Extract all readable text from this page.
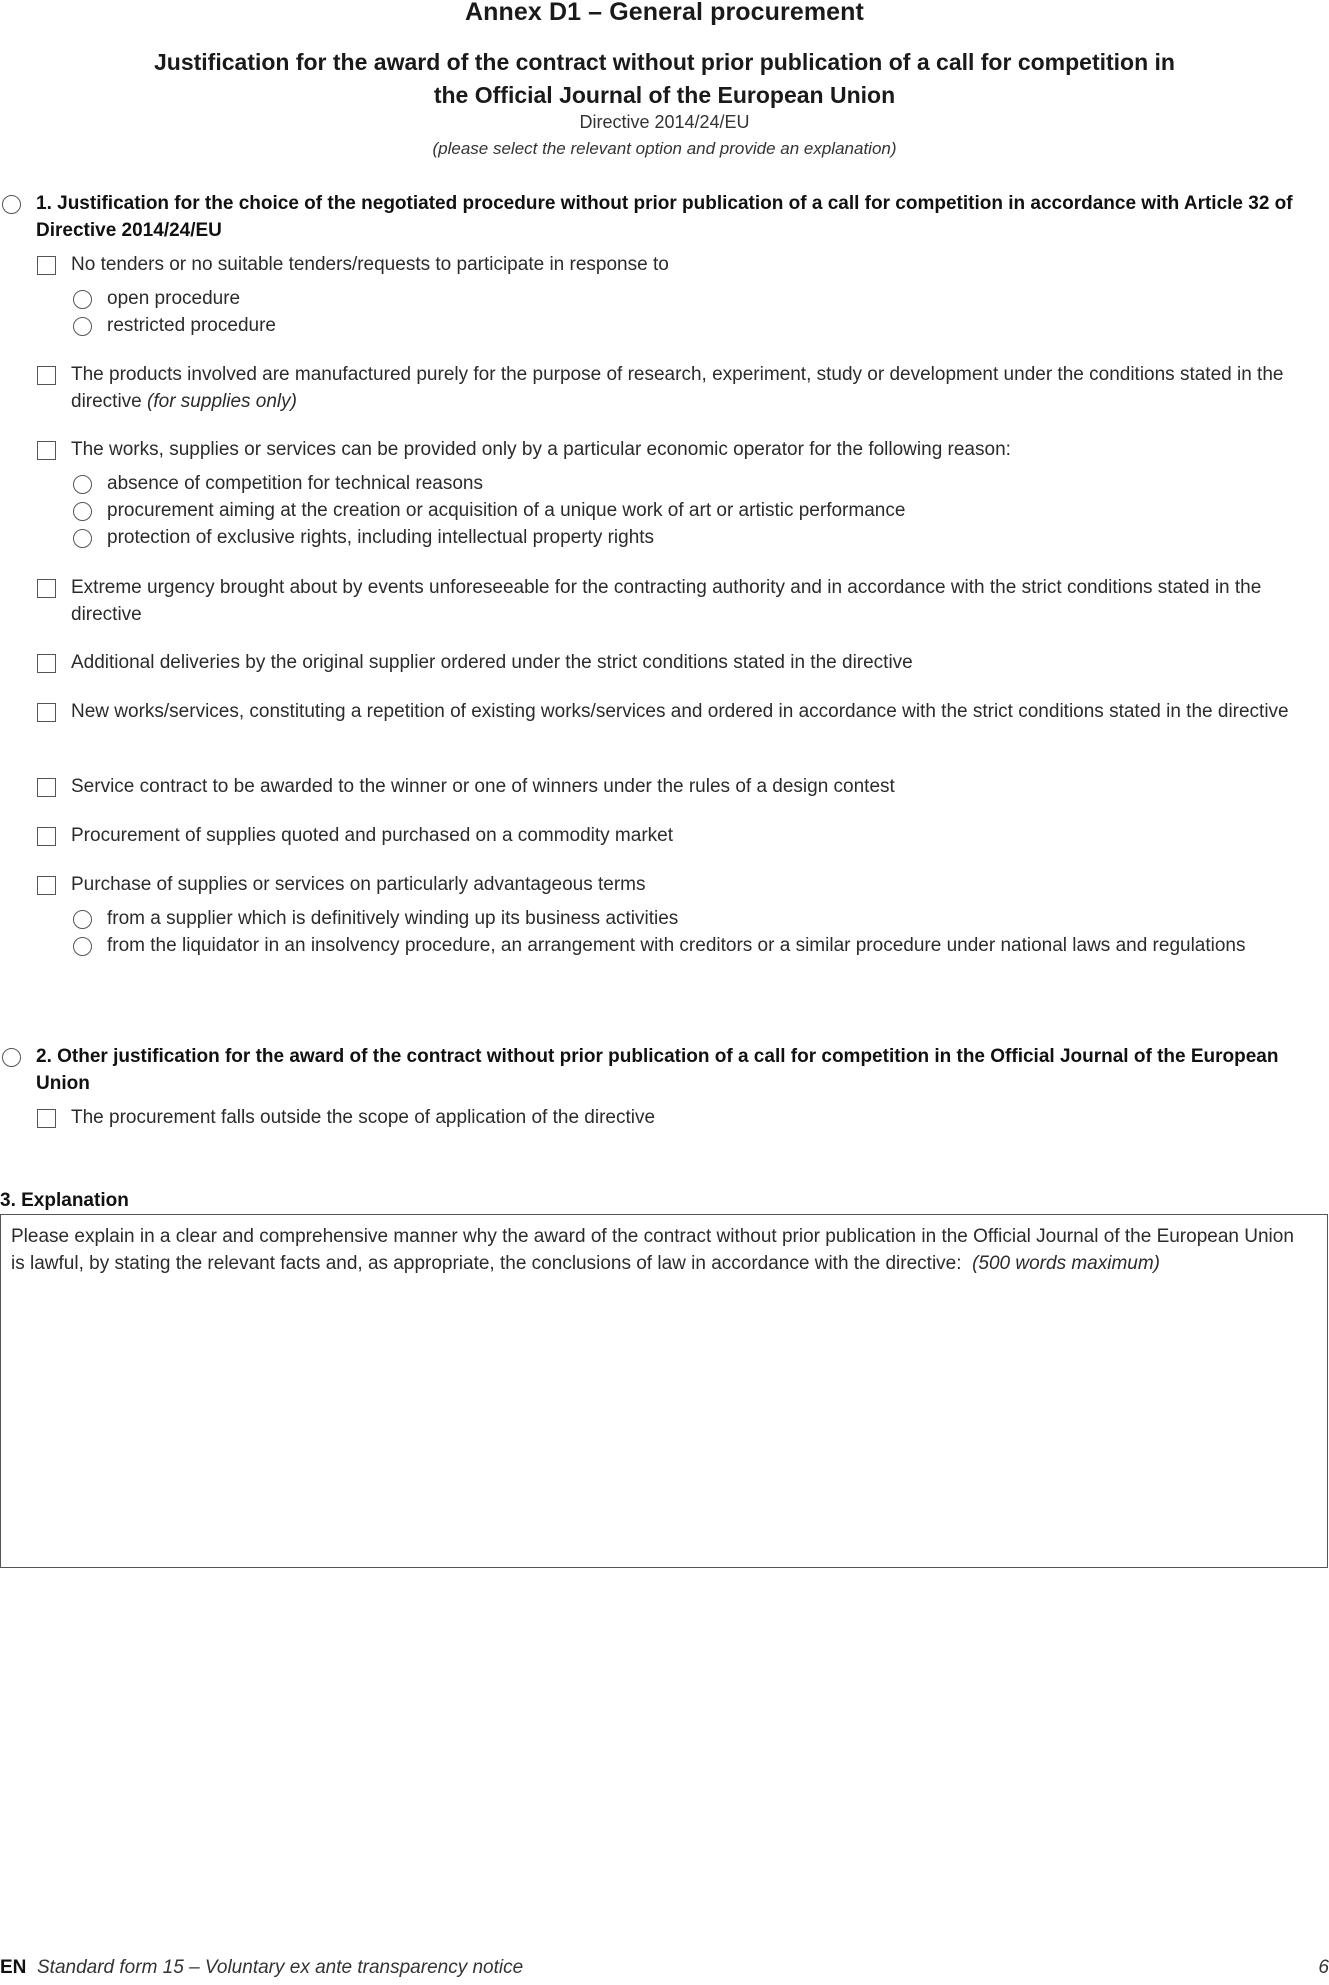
Annex D1 – General procurement
Justification for the award of the contract without prior publication of a call for competition in the Official Journal of the European Union
Directive 2014/24/EU
(please select the relevant option and provide an explanation)
1. Justification for the choice of the negotiated procedure without prior publication of a call for competition in accordance with Article 32 of Directive 2014/24/EU
No tenders or no suitable tenders/requests to participate in response to
open procedure
restricted procedure
The products involved are manufactured purely for the purpose of research, experiment, study or development under the conditions stated in the directive (for supplies only)
The works, supplies or services can be provided only by a particular economic operator for the following reason:
absence of competition for technical reasons
procurement aiming at the creation or acquisition of a unique work of art or artistic performance
protection of exclusive rights, including intellectual property rights
Extreme urgency brought about by events unforeseeable for the contracting authority and in accordance with the strict conditions stated in the directive
Additional deliveries by the original supplier ordered under the strict conditions stated in the directive
New works/services, constituting a repetition of existing works/services and ordered in accordance with the strict conditions stated in the directive
Service contract to be awarded to the winner or one of winners under the rules of a design contest
Procurement of supplies quoted and purchased on a commodity market
Purchase of supplies or services on particularly advantageous terms
from a supplier which is definitively winding up its business activities
from the liquidator in an insolvency procedure, an arrangement with creditors or a similar procedure under national laws and regulations
2. Other justification for the award of the contract without prior publication of a call for competition in the Official Journal of the European Union
The procurement falls outside the scope of application of the directive
3. Explanation
Please explain in a clear and comprehensive manner why the award of the contract without prior publication in the Official Journal of the European Union is lawful, by stating the relevant facts and, as appropriate, the conclusions of law in accordance with the directive: (500 words maximum)
EN Standard form 15 – Voluntary ex ante transparency notice	6
